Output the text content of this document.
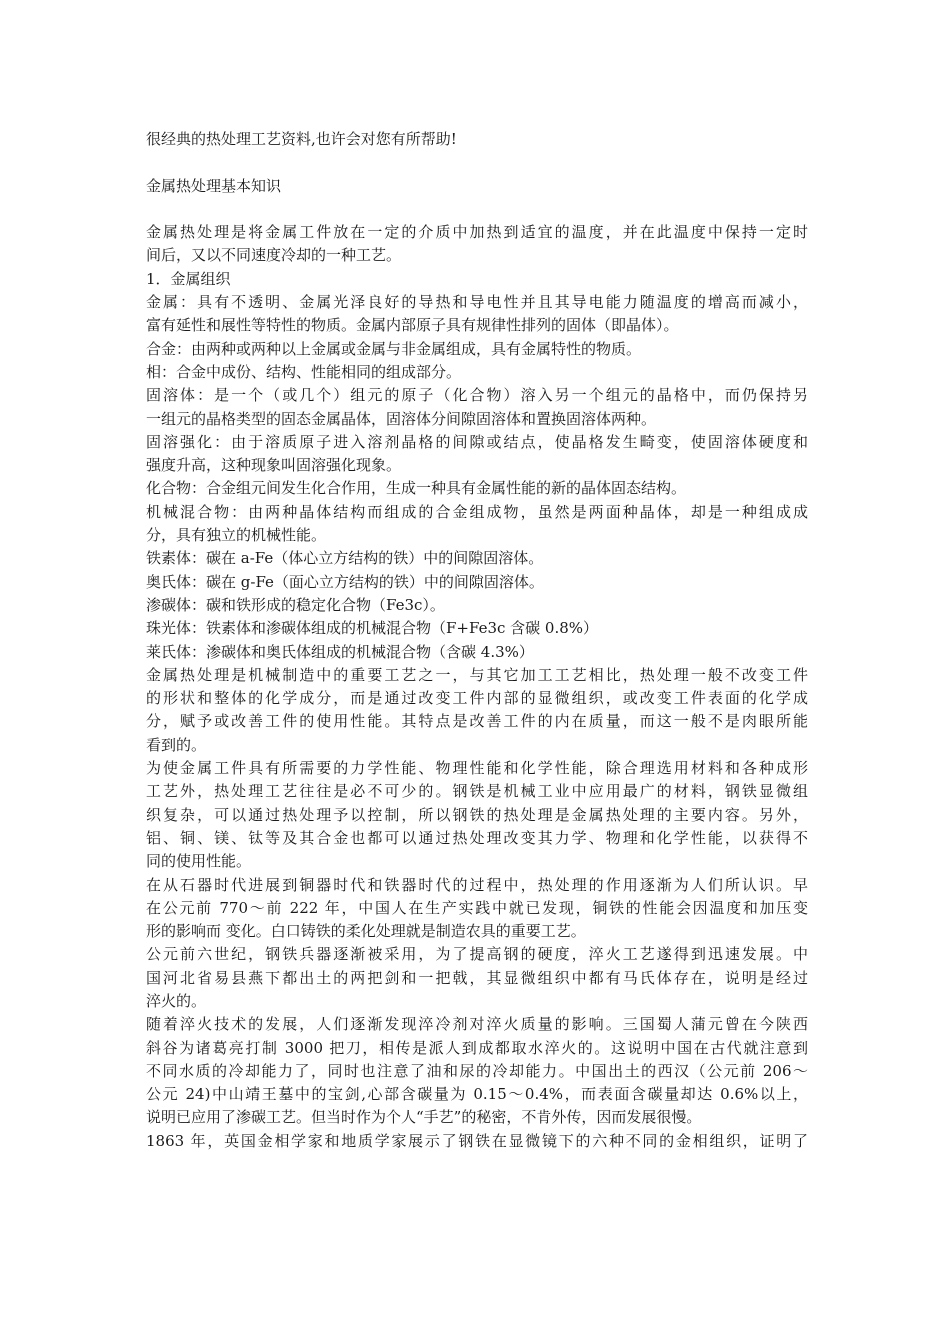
很经典的热处理工艺资料,也许会对您有所帮助!

金属热处理基本知识

金属热处理是将金属工件放在一定的介质中加热到适宜的温度，并在此温度中保持一定时

间后，又以不同速度冷却的一种工艺。

1．金属组织

金属：具有不透明、金属光泽良好的导热和导电性并且其导电能力随温度的增高而减小，

富有延性和展性等特性的物质。金属内部原子具有规律性排列的固体（即晶体）。

合金：由两种或两种以上金属或金属与非金属组成，具有金属特性的物质。

相：合金中成份、结构、性能相同的组成部分。

固溶体：是一个（或几个）组元的原子（化合物）溶入另一个组元的晶格中，而仍保持另

一组元的晶格类型的固态金属晶体，固溶体分间隙固溶体和置换固溶体两种。

固溶强化：由于溶质原子进入溶剂晶格的间隙或结点，使晶格发生畸变，使固溶体硬度和

强度升高，这种现象叫固溶强化现象。

化合物：合金组元间发生化合作用，生成一种具有金属性能的新的晶体固态结构。

机械混合物：由两种晶体结构而组成的合金组成物，虽然是两面种晶体，却是一种组成成

分，具有独立的机械性能。

铁素体：碳在 a-Fe（体心立方结构的铁）中的间隙固溶体。

奥氏体：碳在 g-Fe（面心立方结构的铁）中的间隙固溶体。

渗碳体：碳和铁形成的稳定化合物（Fe3c）。

珠光体：铁素体和渗碳体组成的机械混合物（F+Fe3c 含碳 0.8%）

莱氏体：渗碳体和奥氏体组成的机械混合物（含碳 4.3%）

金属热处理是机械制造中的重要工艺之一，与其它加工工艺相比，热处理一般不改变工件

的形状和整体的化学成分，而是通过改变工件内部的显微组织，或改变工件表面的化学成

分，赋予或改善工件的使用性能。其特点是改善工件的内在质量，而这一般不是肉眼所能

看到的。

为使金属工件具有所需要的力学性能、物理性能和化学性能，除合理选用材料和各种成形

工艺外，热处理工艺往往是必不可少的。钢铁是机械工业中应用最广的材料，钢铁显微组

织复杂，可以通过热处理予以控制，所以钢铁的热处理是金属热处理的主要内容。另外，

铝、铜、镁、钛等及其合金也都可以通过热处理改变其力学、物理和化学性能，以获得不

同的使用性能。

在从石器时代进展到铜器时代和铁器时代的过程中，热处理的作用逐渐为人们所认识。早

在公元前 770～前 222 年，中国人在生产实践中就已发现，铜铁的性能会因温度和加压变

形的影响而 变化。白口铸铁的柔化处理就是制造农具的重要工艺。

公元前六世纪，钢铁兵器逐渐被采用，为了提高钢的硬度，淬火工艺遂得到迅速发展。中

国河北省易县燕下都出土的两把剑和一把戟，其显微组织中都有马氏体存在，说明是经过

淬火的。

随着淬火技术的发展，人们逐渐发现淬冷剂对淬火质量的影响。三国蜀人蒲元曾在今陕西

斜谷为诸葛亮打制 3000 把刀，相传是派人到成都取水淬火的。这说明中国在古代就注意到

不同水质的冷却能力了，同时也注意了油和尿的冷却能力。中国出土的西汉（公元前 206～

公元 24)中山靖王墓中的宝剑,心部含碳量为 0.15～0.4%，而表面含碳量却达 0.6%以上，

说明已应用了渗碳工艺。但当时作为个人“手艺”的秘密，不肯外传，因而发展很慢。

1863 年，英国金相学家和地质学家展示了钢铁在显微镜下的六种不同的金相组织，证明了
